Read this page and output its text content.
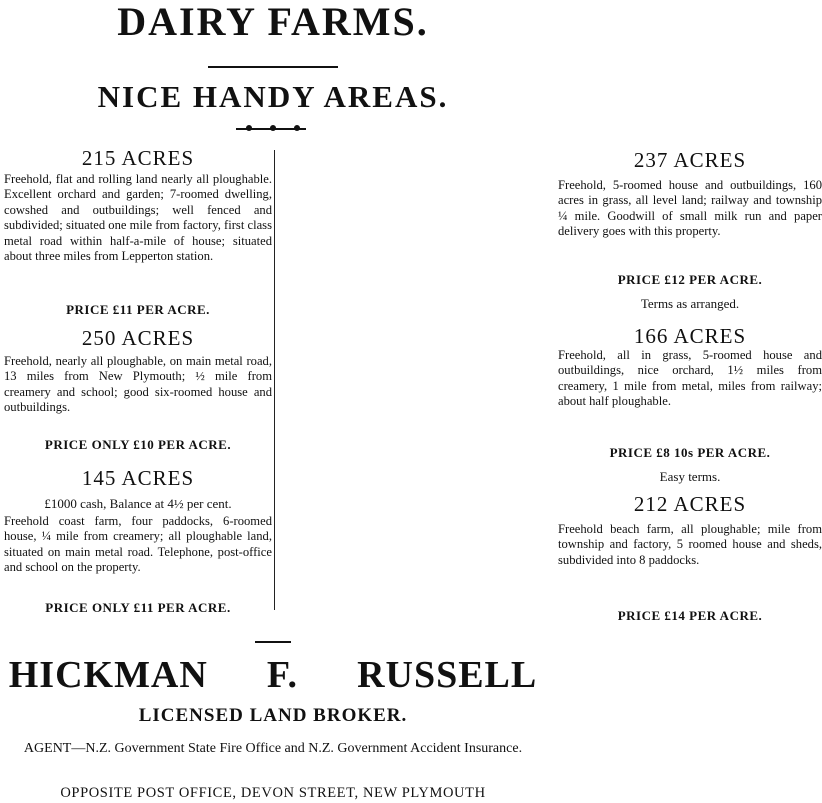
DAIRY FARMS.
NICE HANDY AREAS.
215 ACRES
Freehold, flat and rolling land nearly all ploughable. Excellent orchard and garden; 7-roomed dwelling, cowshed and outbuildings; well fenced and subdivided; situated one mile from factory, first class metal road within half-a-mile of house; situated about three miles from Lepperton station.
PRICE £11 PER ACRE.
250 ACRES
Freehold, nearly all ploughable, on main metal road, 13 miles from New Plymouth; ½ mile from creamery and school; good six-roomed house and outbuildings.
PRICE ONLY £10 PER ACRE.
145 ACRES
£1000 cash, Balance at 4½ per cent.
Freehold coast farm, four paddocks, 6-roomed house, ¼ mile from creamery; all ploughable land, situated on main metal road. Telephone, post-office and school on the property.
PRICE ONLY £11 PER ACRE.
237 ACRES
Freehold, 5-roomed house and outbuildings, 160 acres in grass, all level land; railway and township ¼ mile. Goodwill of small milk run and paper delivery goes with this property.
PRICE £12 PER ACRE.
Terms as arranged.
166 ACRES
Freehold, all in grass, 5-roomed house and outbuildings, nice orchard, 1½ miles from creamery, 1 mile from metal, miles from railway; about half ploughable.
PRICE £8 10s PER ACRE.
Easy terms.
212 ACRES
Freehold beach farm, all ploughable; mile from township and factory, 5 roomed house and sheds, subdivided into 8 paddocks.
PRICE £14 PER ACRE.
HICKMAN F. RUSSELL
LICENSED LAND BROKER.
AGENT—N.Z. Government State Fire Office and N.Z. Government Accident Insurance.
OPPOSITE POST OFFICE, DEVON STREET, NEW PLYMOUTH
